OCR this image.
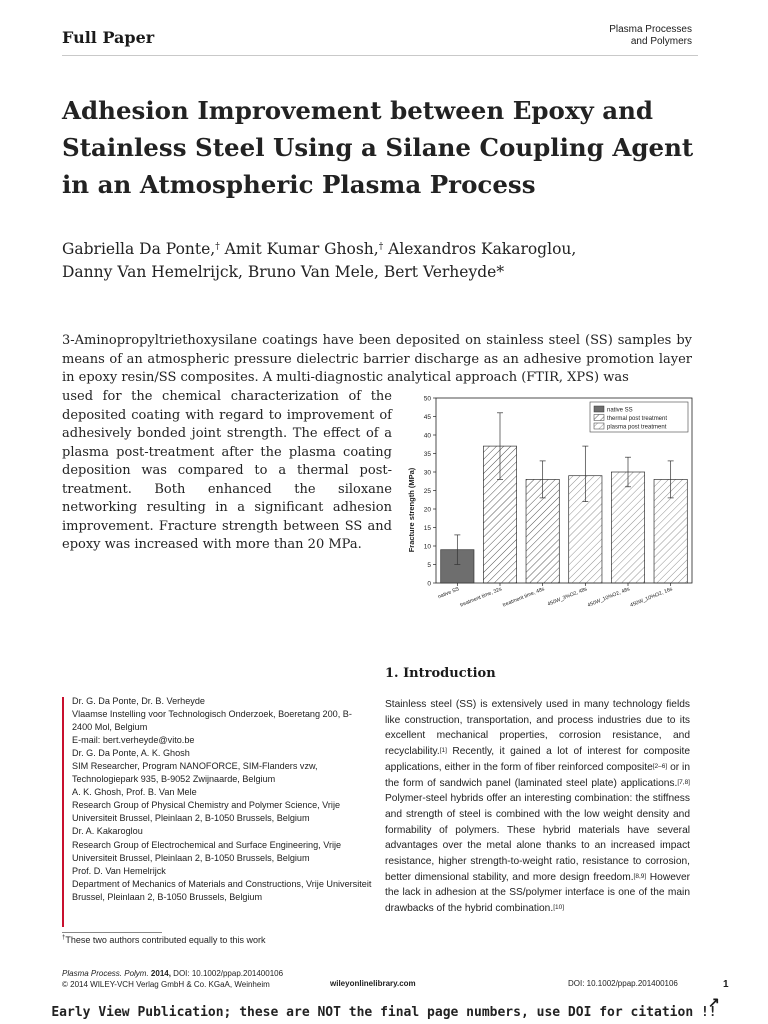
Full Paper	Plasma Processes
and Polymers
Adhesion Improvement between Epoxy and Stainless Steel Using a Silane Coupling Agent in an Atmospheric Plasma Process
Gabriella Da Ponte,† Amit Kumar Ghosh,† Alexandros Kakaroglou,
Danny Van Hemelrijck, Bruno Van Mele, Bert Verheyde*
3-Aminopropyltriethoxysilane coatings have been deposited on stainless steel (SS) samples by means of an atmospheric pressure dielectric barrier discharge as an adhesive promotion layer in epoxy resin/SS composites. A multi-diagnostic analytical approach (FTIR, XPS) was
used for the chemical characterization of the deposited coating with regard to improvement of adhesively bonded joint strength. The effect of a plasma post-treatment after the plasma coating deposition was compared to a thermal post-treatment. Both enhanced the siloxane networking resulting in a significant adhesion improvement. Fracture strength between SS and epoxy was increased with more than 20 MPa.
0
5
10
15
20
25
30
35
40
45
50
native SS treatment time, 32s treatment time, 48s 450W_3%O2, 48s
450W_10%O2, 48s
450W_10%O2, 16s
Fracture strength (MPa)
native SS
thermal post treatment
plasma post treatment
1. Introduction
Stainless steel (SS) is extensively used in many technology fields like construction, transportation, and process industries due to its excellent mechanical properties, corrosion resistance, and recyclability.[1] Recently, it gained a lot of interest for composite applications, either in the form of fiber reinforced composite[2–6] or in the form of sandwich panel (laminated steel plate) applications.[7,8] Polymer-steel hybrids offer an interesting combination: the stiffness and strength of steel is combined with the low weight density and formability of polymers. These hybrid materials have several advantages over the metal alone thanks to an increased impact resistance, higher strength-to-weight ratio, resistance to corrosion, better dimensional stability, and more design freedom.[8,9] However the lack in adhesion at the SS/polymer interface is one of the main drawbacks of the hybrid combination.[10]
Dr. G. Da Ponte, Dr. B. Verheyde
Vlaamse Instelling voor Technologisch Onderzoek, Boeretang 200, B-2400 Mol, Belgium
E-mail: bert.verheyde@vito.be
Dr. G. Da Ponte, A. K. Ghosh
SIM Researcher, Program NANOFORCE, SIM-Flanders vzw, Technologiepark 935, B-9052 Zwijnaarde, Belgium
A. K. Ghosh, Prof. B. Van Mele
Research Group of Physical Chemistry and Polymer Science, Vrije Universiteit Brussel, Pleinlaan 2, B-1050 Brussels, Belgium
Dr. A. Kakaroglou
Research Group of Electrochemical and Surface Engineering, Vrije Universiteit Brussel, Pleinlaan 2, B-1050 Brussels, Belgium
Prof. D. Van Hemelrijck
Department of Mechanics of Materials and Constructions, Vrije Universiteit Brussel, Pleinlaan 2, B-1050 Brussels, Belgium
†These two authors contributed equally to this work
Plasma Process. Polym. 2014, DOI: 10.1002/ppap.201400106
© 2014 WILEY-VCH Verlag GmbH & Co. KGaA, Weinheim	wileyonlinelibrary.com	DOI: 10.1002/ppap.201400106	1
Early View Publication; these are NOT the final page numbers, use DOI for citation !!
↗
